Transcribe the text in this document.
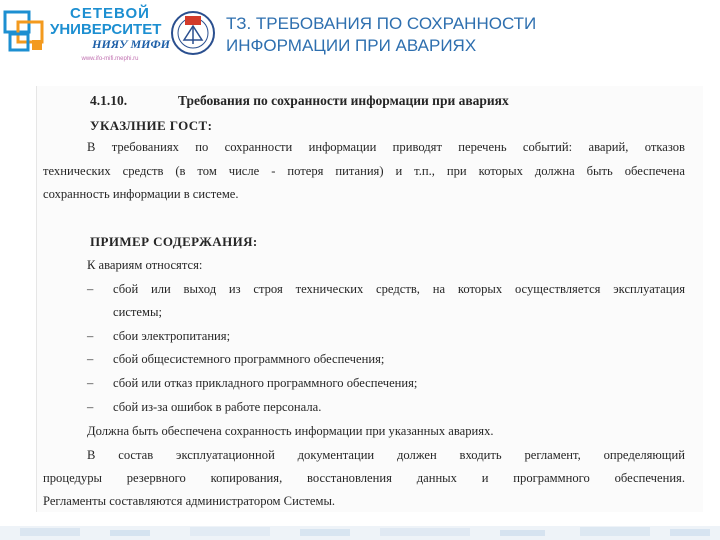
СЕТЕВОЙ
УНИВЕРСИТЕТ
НИЯУ МИФИ
www.ifo-mifi.mephi.ru
ТЗ. ТРЕБОВАНИЯ ПО СОХРАННОСТИ
ИНФОРМАЦИИ ПРИ АВАРИЯХ
4.1.10.	Требования по сохранности информации при авариях
УКАЗЛНИЕ ГОСТ:
В требованиях по сохранности информации приводят перечень событий: аварий, отказов
технических средств (в том числе - потеря питания) и т.п., при которых должна быть обеспечена
сохранность информации в системе.
ПРИМЕР СОДЕРЖАНИЯ:
К авариям относятся:
– сбой или выход из строя технических средств, на которых осуществляется эксплуатация
системы;
– сбои электропитания;
– сбой общесистемного программного обеспечения;
– сбой или отказ прикладного программного обеспечения;
– сбой из-за ошибок в работе персонала.
Должна быть обеспечена сохранность информации при указанных авариях.
В состав эксплуатационной документации должен входить регламент, определяющий
процедуры резервного копирования, восстановления данных и программного обеспечения.
Регламенты составляются администратором Системы.
